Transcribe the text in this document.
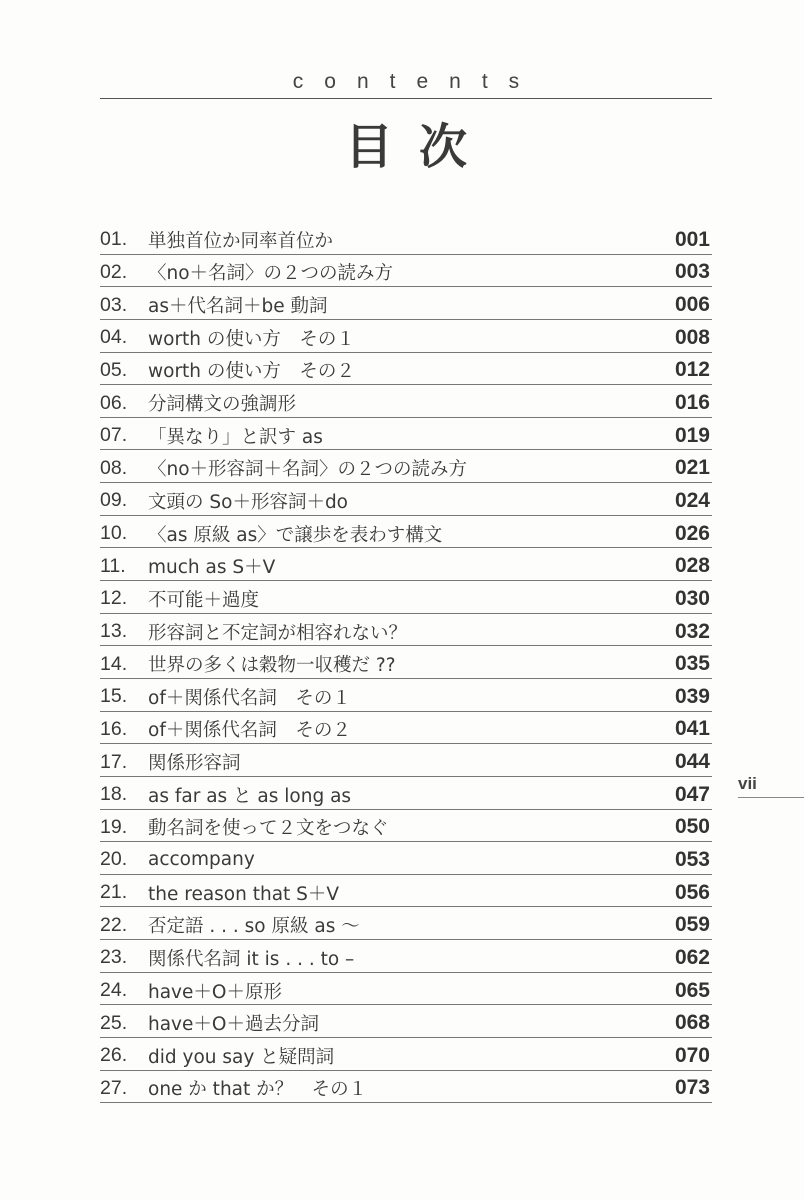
contents
目次
01.	単独首位か同率首位か	001
02.	〈no＋名詞〉の２つの読み方	003
03.	as＋代名詞＋be 動詞	006
04.	worth の使い方　その１	008
05.	worth の使い方　その２	012
06.	分詞構文の強調形	016
07.	「異なり」と訳す as	019
08.	〈no＋形容詞＋名詞〉の２つの読み方	021
09.	文頭の So＋形容詞＋do	024
10.	〈as 原級 as〉で譲歩を表わす構文	026
11.	much as S＋V	028
12.	不可能＋過度	030
13.	形容詞と不定詞が相容れない？	032
14.	世界の多くは穀物一収穫だ ??	035
15.	of＋関係代名詞　その１	039
16.	of＋関係代名詞　その２	041
17.	関係形容詞	044
18.	as far as と as long as	047
19.	動名詞を使って２文をつなぐ	050
20.	accompany	053
21.	the reason that S＋V	056
22.	否定語 . . . so 原級 as ～	059
23.	関係代名詞 it is . . . to –	062
24.	have＋O＋原形	065
25.	have＋O＋過去分詞	068
26.	did you say と疑問詞	070
27.	one か that か？　その１	073
vii
